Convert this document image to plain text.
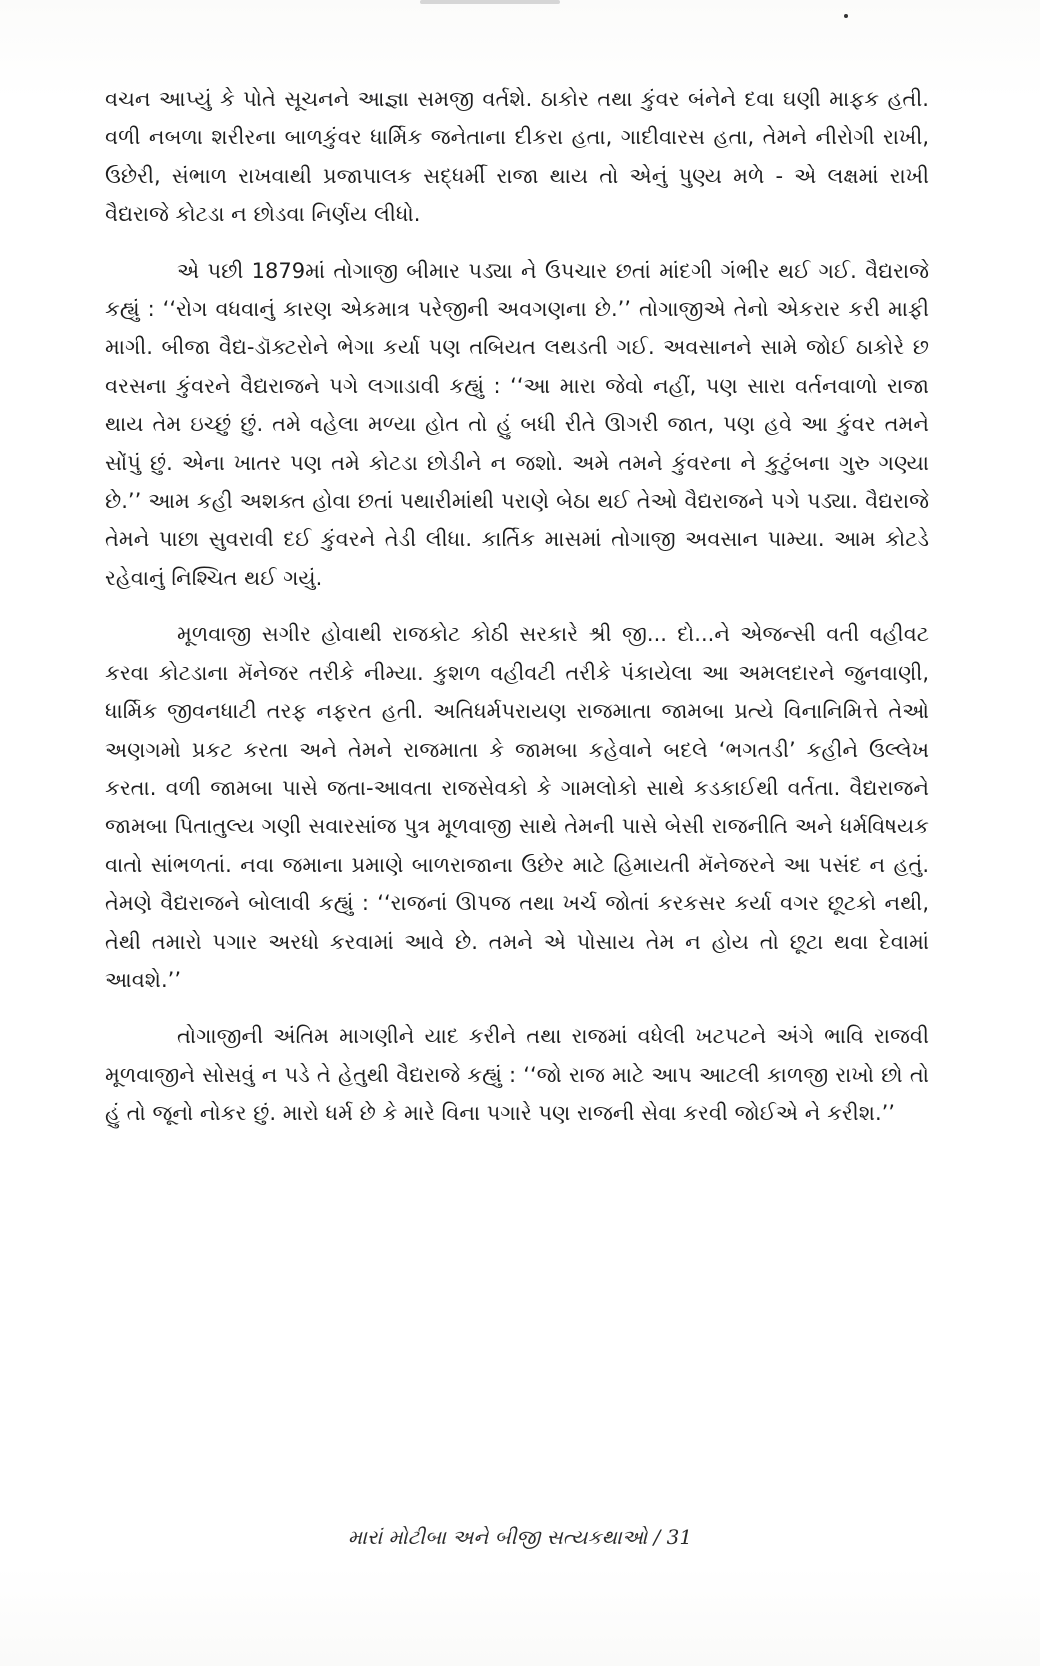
વચન આપ્યું કે પોતે સૂચનને આજ્ઞા સમજી વર્તશે. ઠાકોર તથા કુંવર બંનેને દવા ઘણી માફક હતી. વળી નબળા શરીરના બાળકુંવર ધાર્મિક જનેતાના દીકરા હતા, ગાદીવારસ હતા, તેમને નીરોગી રાખી, ઉછેરી, સંભાળ રાખવાથી પ્રજાપાલક સદ્‌ધર્મી રાજા થાય તો એનું પુણ્ય મળે - એ લક્ષમાં રાખી વૈદ્યરાજે કોટડા ન છોડવા નિર્ણય લીધો.

એ પછી 1879માં તોગાજી બીમાર પડ્યા ને ઉપચાર છતાં માંદગી ગંભીર થઈ ગઈ. વૈદ્યરાજે કહ્યું : ‘‘રોગ વધવાનું કારણ એકમાત્ર પરેજીની અવગણના છે.’’ તોગાજીએ તેનો એકરાર કરી માફી માગી. બીજા વૈદ્ય-ડૉક્ટરોને ભેગા કર્યા પણ તબિયત લથડતી ગઈ. અવસાનને સામે જોઈ ઠાકોરે છ વરસના કુંવરને વૈદ્યરાજને પગે લગાડાવી કહ્યું : ‘‘આ મારા જેવો નહીં, પણ સારા વર્તનવાળો રાજા થાય તેમ ઇચ્છું છું. તમે વહેલા મળ્યા હોત તો હું બધી રીતે ઊગરી જાત, પણ હવે આ કુંવર તમને સોંપું છું. એના ખાતર પણ તમે કોટડા છોડીને ન જશો. અમે તમને કુંવરના ને કુટુંબના ગુરુ ગણ્યા છે.’’ આમ કહી અશક્ત હોવા છતાં પથારીમાંથી પરાણે બેઠા થઈ તેઓ વૈદ્યરાજને પગે પડ્યા. વૈદ્યરાજે તેમને પાછા સુવરાવી દઈ કુંવરને તેડી લીધા. કાર્તિક માસમાં તોગાજી અવસાન પામ્યા. આમ કોટડે રહેવાનું નિશ્ચિત થઈ ગયું.

મૂળવાજી સગીર હોવાથી રાજકોટ કોઠી સરકારે શ્રી જી... દો...ને એજન્સી વતી વહીવટ કરવા કોટડાના મૅનેજર તરીકે નીમ્યા. કુશળ વહીવટી તરીકે પંકાયેલા આ અમલદારને જુનવાણી, ધાર્મિક જીવનધાટી તરફ નફરત હતી. અતિધર્મપરાયણ રાજમાતા જામબા પ્રત્યે વિનાનિમિત્તે તેઓ અણગમો પ્રકટ કરતા અને તેમને રાજમાતા કે જામબા કહેવાને બદલે ‘ભગતડી’ કહીને ઉલ્લેખ કરતા. વળી જામબા પાસે જતા-આવતા રાજસેવકો કે ગામલોકો સાથે કડકાઈથી વર્તતા. વૈદ્યરાજને જામબા પિતાતુલ્ય ગણી સવારસાંજ પુત્ર મૂળવાજી સાથે તેમની પાસે બેસી રાજનીતિ અને ધર્મવિષયક વાતો સાંભળતાં. નવા જમાના પ્રમાણે બાળરાજાના ઉછેર માટે હિમાયતી મૅનેજરને આ પસંદ ન હતું. તેમણે વૈદ્યરાજને બોલાવી કહ્યું : ‘‘રાજનાં ઊપજ તથા ખર્ચ જોતાં કરકસર કર્યા વગર છૂટકો નથી, તેથી તમારો પગાર અરધો કરવામાં આવે છે. તમને એ પોસાય તેમ ન હોય તો છૂટા થવા દેવામાં આવશે.’’

તોગાજીની અંતિમ માગણીને યાદ કરીને તથા રાજમાં વધેલી ખટપટને અંગે ભાવિ રાજવી મૂળવાજીને સોસવું ન પડે તે હેતુથી વૈદ્યરાજે કહ્યું : ‘‘જો રાજ માટે આપ આટલી કાળજી રાખો છો તો હું તો જૂનો નોકર છું. મારો ધર્મ છે કે મારે વિના પગારે પણ રાજની સેવા કરવી જોઈએ ને કરીશ.’’

મારાં મોટીબા અને બીજી સત્યકથાઓ / 31
